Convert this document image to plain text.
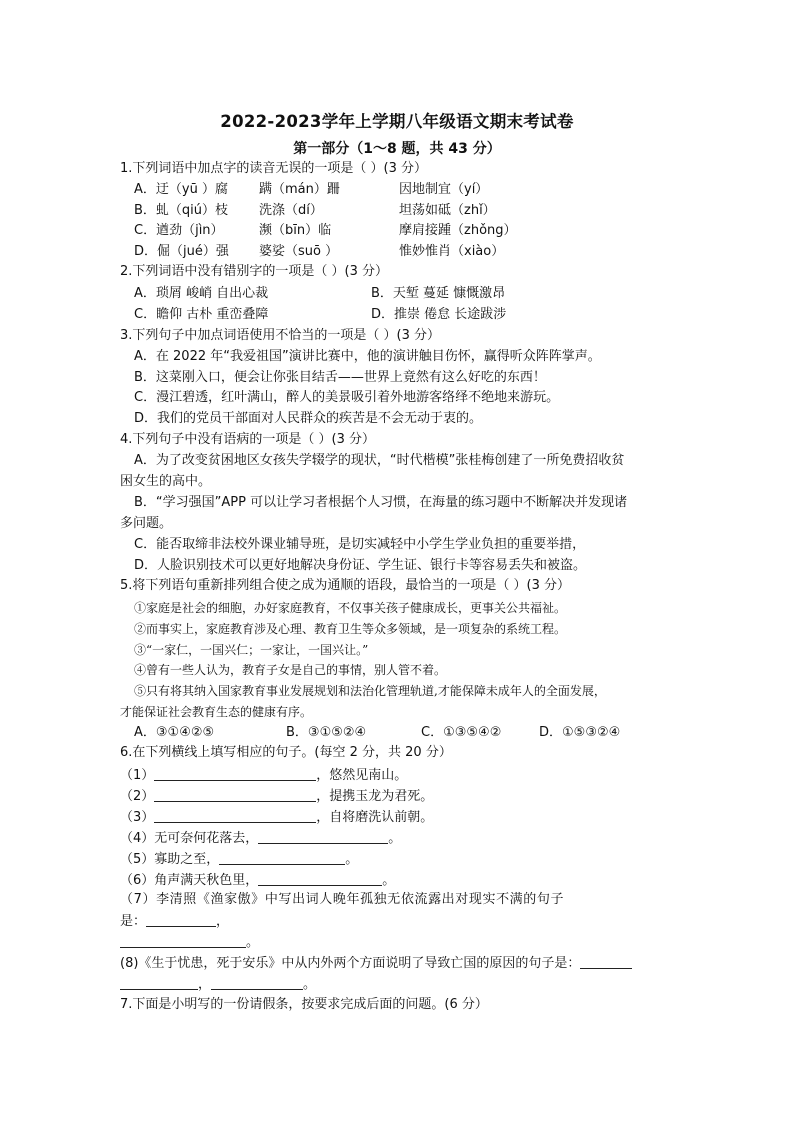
2022-2023学年上学期八年级语文期末考试卷
第一部分（1～8 题，共 43 分）
1.下列词语中加点字的读音无误的一项是（ ）(3 分）
A．迂（yū ）腐 蹒（mán）跚	因地制宜（yí）
B．虬（qiú）枝 洗涤（dí）	坦荡如砥（zhǐ）
C．遒劲（jìn）	濒（bīn）临	摩肩接踵（zhǒng）
D．倔（jué）强 婆娑（suō ）	惟妙惟肖（xiào）
2.下列词语中没有错别字的一项是（ ）(3 分）
A．琐屑 峻峭 自出心裁	B．天堑 蔓延 慷慨激昂
C．瞻仰 古朴 重峦叠障	D．推崇 倦怠 长途跋涉
3.下列句子中加点词语使用不恰当的一项是（ ）(3 分）
A．在 2022 年“我爱祖国”演讲比赛中，他的演讲触目伤怀，赢得听众阵阵掌声。
B．这菜刚入口，便会让你张目结舌——世界上竟然有这么好吃的东西！
C．漫江碧透，红叶满山，醉人的美景吸引着外地游客络绎不绝地来游玩。
D．我们的党员干部面对人民群众的疾苦是不会无动于衷的。
4.下列句子中没有语病的一项是（ ）(3 分）
A．为了改变贫困地区女孩失学辍学的现状，“时代楷模”张桂梅创建了一所免费招收贫
困女生的高中。
B．“学习强国”APP 可以让学习者根据个人习惯，在海量的练习题中不断解决并发现诸
多问题。
C．能否取缔非法校外课业辅导班，是切实减轻中小学生学业负担的重要举措，
D．人脸识别技术可以更好地解决身份证、学生证、银行卡等容易丢失和被盗。
5.将下列语句重新排列组合使之成为通顺的语段，最恰当的一项是（ ）(3 分）
①家庭是社会的细胞，办好家庭教育，不仅事关孩子健康成长，更事关公共福祉。
②而事实上，家庭教育涉及心理、教育卫生等众多领域，是一项复杂的系统工程。
③“一家仁，一国兴仁；一家让，一国兴让。”
④曾有一些人认为，教育子女是自己的事情，别人管不着。
⑤只有将其纳入国家教育事业发展规划和法治化管理轨道,才能保障未成年人的全面发展，
才能保证社会教育生态的健康有序。
A．③①④②⑤	B．③①⑤②④	C．①③⑤④②	D．①⑤③②④
6.在下列横线上填写相应的句子。(每空 2 分，共 20 分）
（1）	，悠然见南山。
（2）	，提携玉龙为君死。
（3）	，自将磨洗认前朝。
（4）无可奈何花落去，	。
（5）寡助之至，	。
（6）角声满天秋色里，	。
（7）李清照《渔家傲》中写出词人晚年孤独无依流露出对现实不满的句子
是：	，
。
(8)《生于忧患，死于安乐》中从内外两个方面说明了导致亡国的原因的句子是：
，	。
7.下面是小明写的一份请假条，按要求完成后面的问题。(6 分）
